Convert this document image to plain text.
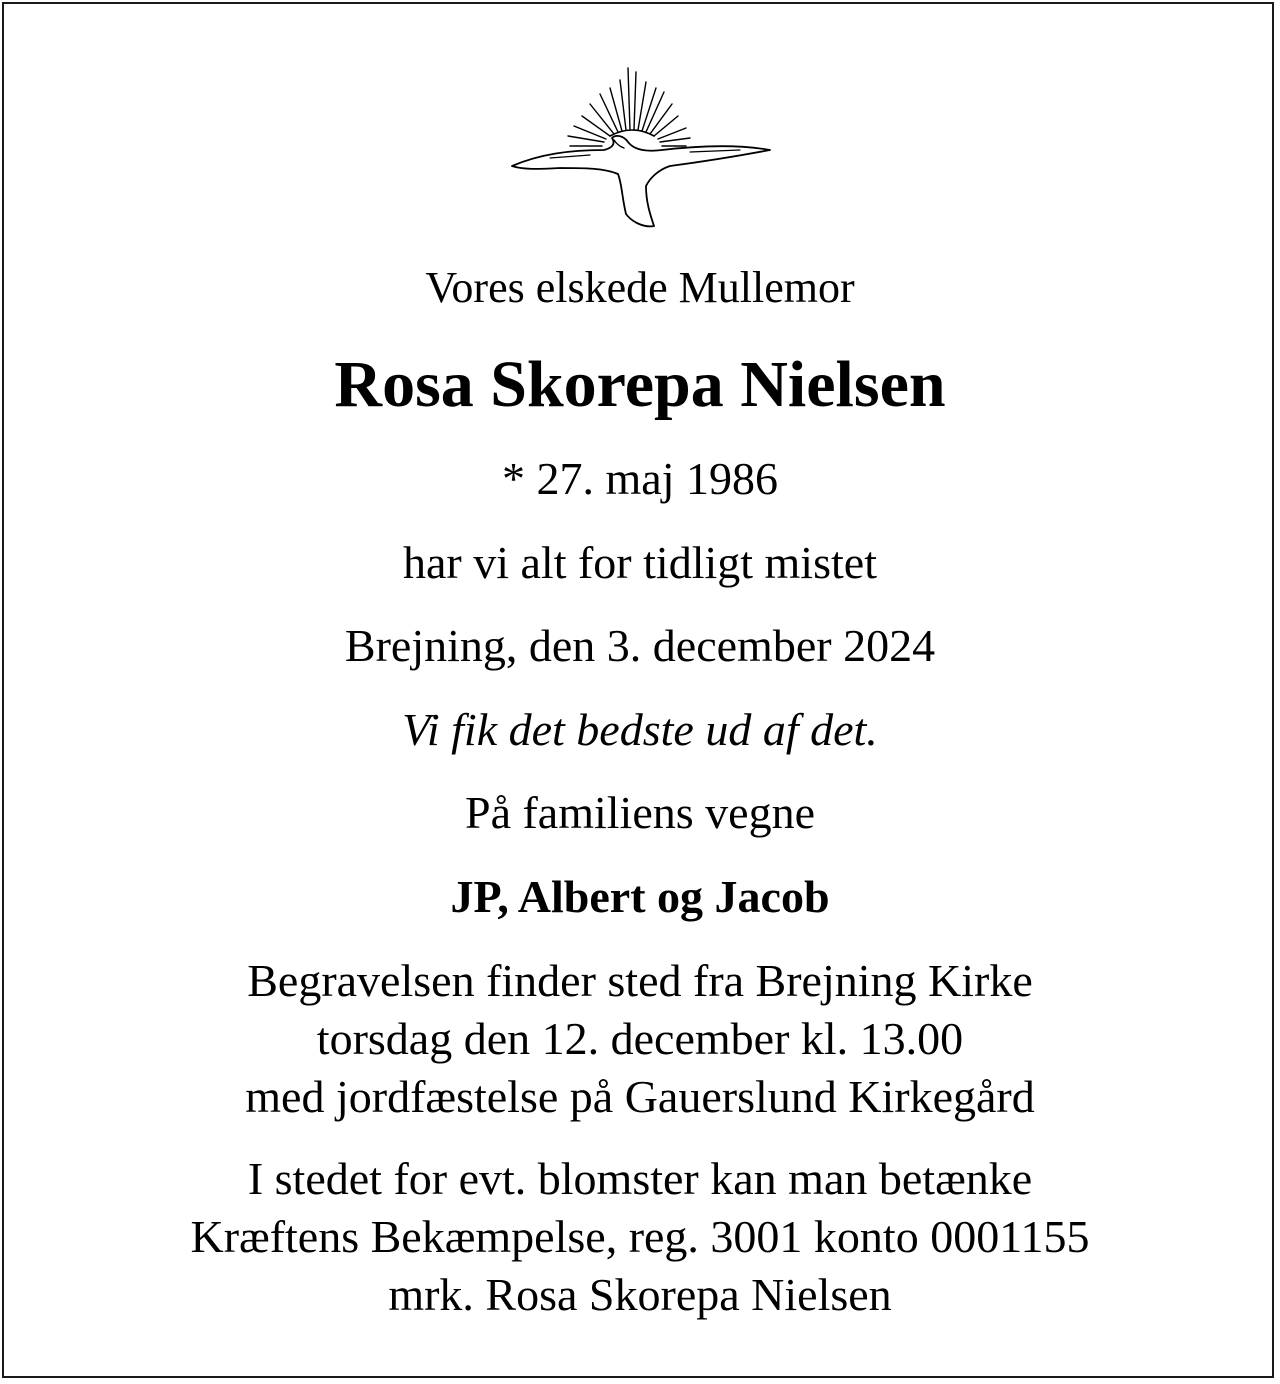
Vores elskede Mullemor
Rosa Skorepa Nielsen
* 27. maj 1986
har vi alt for tidligt mistet
Brejning, den 3. december 2024
Vi fik det bedste ud af det.
På familiens vegne
JP, Albert og Jacob
Begravelsen finder sted fra Brejning Kirke
torsdag den 12. december kl. 13.00
med jordfæstelse på Gauerslund Kirkegård
I stedet for evt. blomster kan man betænke
Kræftens Bekæmpelse, reg. 3001 konto 0001155
mrk. Rosa Skorepa Nielsen
